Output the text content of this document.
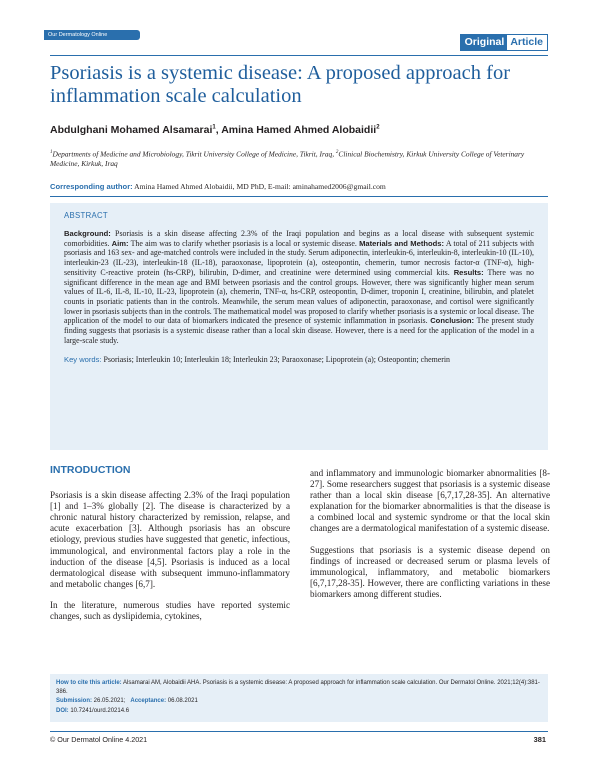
Our Dermatology Online
Original Article
Psoriasis is a systemic disease: A proposed approach for inflammation scale calculation
Abdulghani Mohamed Alsamarai$^1$, Amina Hamed Ahmed Alobaidii$^2$
$^1$Departments of Medicine and Microbiology, Tikrit University College of Medicine, Tikrit, Iraq, $^2$Clinical Biochemistry, Kirkuk University College of Veterinary Medicine, Kirkuk, Iraq
Corresponding author: Amina Hamed Ahmed Alobaidii, MD PhD, E-mail: aminahamed2006@gmail.com
ABSTRACT
Background: Psoriasis is a skin disease affecting 2.3% of the Iraqi population and begins as a local disease with subsequent systemic comorbidities. Aim: The aim was to clarify whether psoriasis is a local or systemic disease. Materials and Methods: A total of 211 subjects with psoriasis and 163 sex- and age-matched controls were included in the study. Serum adiponectin, interleukin-6, interleukin-8, interleukin-10 (IL-10), interleukin-23 (IL-23), interleukin-18 (IL-18), paraoxonase, lipoprotein (a), osteopontin, chemerin, tumor necrosis factor-α (TNF-α), high-sensitivity C-reactive protein (hs-CRP), bilirubin, D-dimer, and creatinine were determined using commercial kits. Results: There was no significant difference in the mean age and BMI between psoriasis and the control groups. However, there was significantly higher mean serum values of IL-6, IL-8, IL-10, IL-23, lipoprotein (a), chemerin, TNF-α, hs-CRP, osteopontin, D-dimer, troponin I, creatinine, bilirubin, and platelet counts in psoriatic patients than in the controls. Meanwhile, the serum mean values of adiponectin, paraoxonase, and cortisol were significantly lower in psoriasis subjects than in the controls. The mathematical model was proposed to clarify whether psoriasis is a systemic or local disease. The application of the model to our data of biomarkers indicated the presence of systemic inflammation in psoriasis. Conclusion: The present study finding suggests that psoriasis is a systemic disease rather than a local skin disease. However, there is a need for the application of the model in a large-scale study.
Key words: Psoriasis; Interleukin 10; Interleukin 18; Interleukin 23; Paraoxonase; Lipoprotein (a); Osteopontin; chemerin
INTRODUCTION

Psoriasis is a skin disease affecting 2.3% of the Iraqi population [1] and 1–3% globally [2]. The disease is characterized by a chronic natural history characterized by remission, relapse, and acute exacerbation [3]. Although psoriasis has an obscure etiology, previous studies have suggested that genetic, infectious, immunological, and environmental factors play a role in the induction of the disease [4,5]. Psoriasis is induced as a local dermatological disease with subsequent immuno-inflammatory and metabolic changes [6,7].

In the literature, numerous studies have reported systemic changes, such as dyslipidemia, cytokines,

and inflammatory and immunologic biomarker abnormalities [8-27]. Some researchers suggest that psoriasis is a systemic disease rather than a local skin disease [6,7,17,28-35]. An alternative explanation for the biomarker abnormalities is that the disease is a combined local and systemic syndrome or that the local skin changes are a dermatological manifestation of a systemic disease.

Suggestions that psoriasis is a systemic disease depend on findings of increased or decreased serum or plasma levels of immunological, inflammatory, and metabolic biomarkers [6,7,17,28-35]. However, there are conflicting variations in these biomarkers among different studies.

How to cite this article: Alsamarai AM, Alobaidii AHA. Psoriasis is a systemic disease: A proposed approach for inflammation scale calculation. Our Dermatol Online. 2021;12(4):381-386.
Submission: 26.05.2021;   Acceptance: 06.08.2021
DOI: 10.7241/ourd.20214.6
© Our Dermatol Online 4.2021	381
